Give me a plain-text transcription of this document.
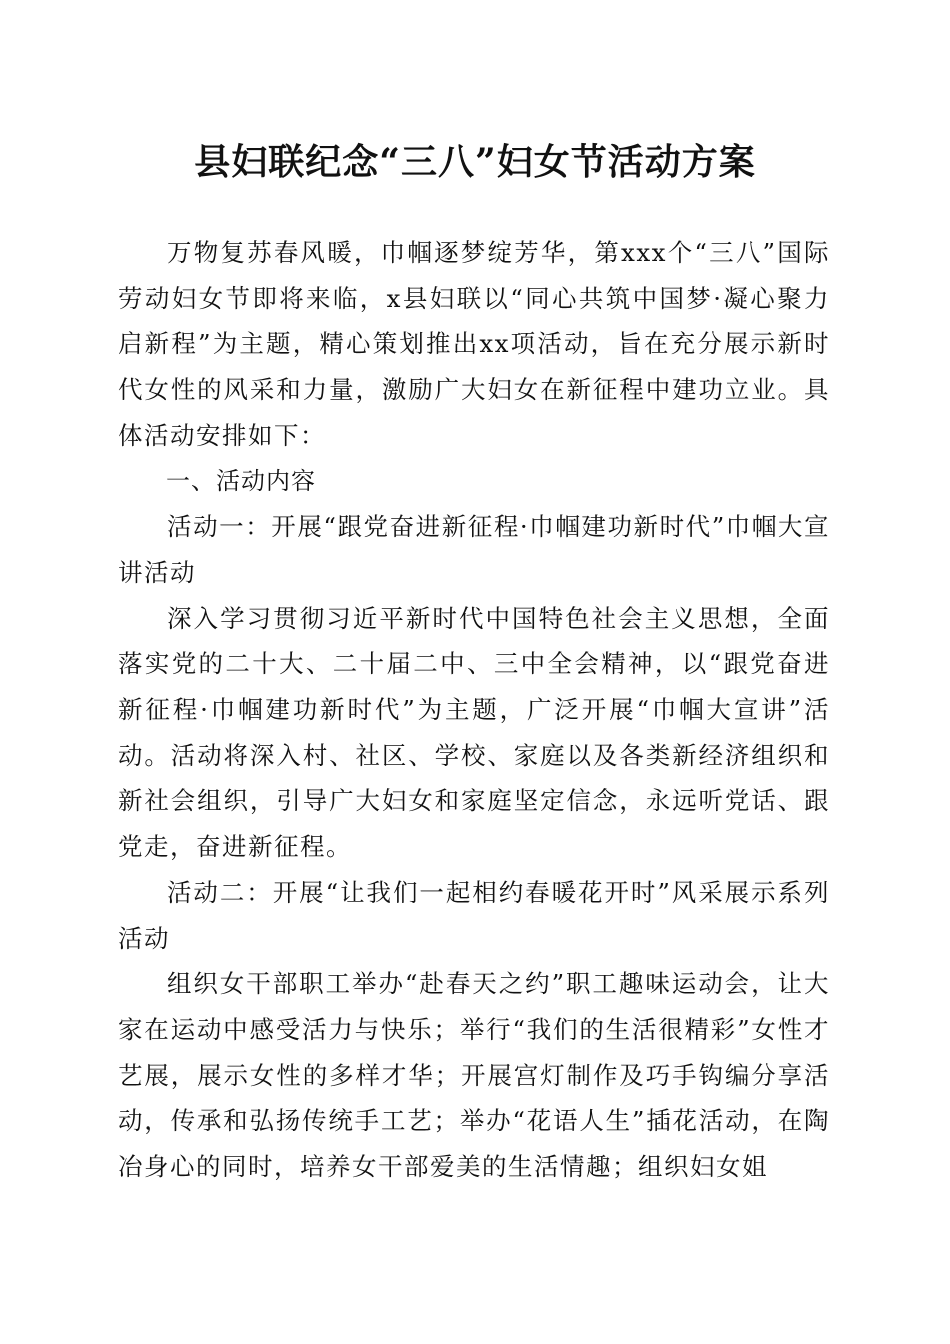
县妇联纪念“三八”妇女节活动方案

万物复苏春风暖，巾帼逐梦绽芳华，第xxx个“三八”国际劳动妇女节即将来临，x县妇联以“同心共筑中国梦·凝心聚力启新程”为主题，精心策划推出xx项活动，旨在充分展示新时代女性的风采和力量，激励广大妇女在新征程中建功立业。具体活动安排如下：

一、活动内容

活动一：开展“跟党奋进新征程·巾帼建功新时代”巾帼大宣讲活动

深入学习贯彻习近平新时代中国特色社会主义思想，全面落实党的二十大、二十届二中、三中全会精神，以“跟党奋进新征程·巾帼建功新时代”为主题，广泛开展“巾帼大宣讲”活动。活动将深入村、社区、学校、家庭以及各类新经济组织和新社会组织，引导广大妇女和家庭坚定信念，永远听党话、跟党走，奋进新征程。

活动二：开展“让我们一起相约春暖花开时”风采展示系列活动

组织女干部职工举办“赴春天之约”职工趣味运动会，让大家在运动中感受活力与快乐；举行“我们的生活很精彩”女性才艺展，展示女性的多样才华；开展宫灯制作及巧手钩编分享活动，传承和弘扬传统手工艺；举办“花语人生”插花活动，在陶冶身心的同时，培养女干部爱美的生活情趣；组织妇女姐
